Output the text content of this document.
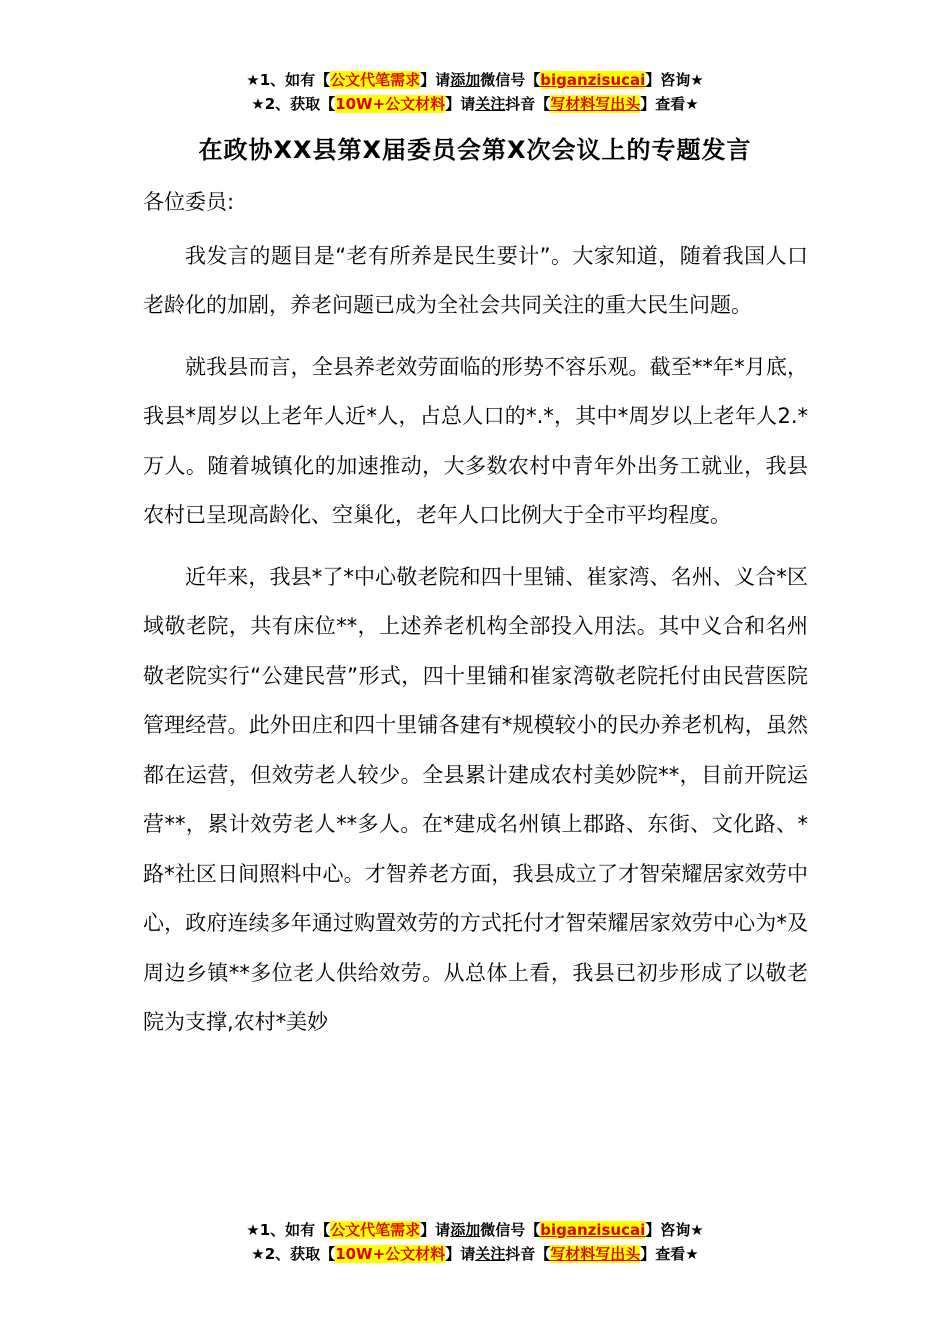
★1、如有【公文代笔需求】请添加微信号【biganzisucai】咨询★
★2、获取【10W+公文材料】请关注抖音【写材料写出头】查看★
在政协XX县第X届委员会第X次会议上的专题发言

各位委员:

我发言的题目是“老有所养是民生要计”。大家知道，随着我国人口老龄化的加剧，养老问题已成为全社会共同关注的重大民生问题。

就我县而言，全县养老效劳面临的形势不容乐观。截至**年*月底，我县*周岁以上老年人近*人，占总人口的*.*，其中*周岁以上老年人2.*万人。随着城镇化的加速推动，大多数农村中青年外出务工就业，我县农村已呈现高龄化、空巢化，老年人口比例大于全市平均程度。

近年来，我县*了*中心敬老院和四十里铺、崔家湾、名州、义合*区域敬老院，共有床位**，上述养老机构全部投入用法。其中义合和名州敬老院实行“公建民营”形式，四十里铺和崔家湾敬老院托付由民营医院管理经营。此外田庄和四十里铺各建有*规模较小的民办养老机构，虽然都在运营，但效劳老人较少。全县累计建成农村美妙院**，目前开院运营**，累计效劳老人**多人。在*建成名州镇上郡路、东街、文化路、*路*社区日间照料中心。才智养老方面，我县成立了才智荣耀居家效劳中心，政府连续多年通过购置效劳的方式托付才智荣耀居家效劳中心为*及周边乡镇**多位老人供给效劳。从总体上看，我县已初步形成了以敬老院为支撑,农村*美妙

★1、如有【公文代笔需求】请添加微信号【biganzisucai】咨询★
★2、获取【10W+公文材料】请关注抖音【写材料写出头】查看★
